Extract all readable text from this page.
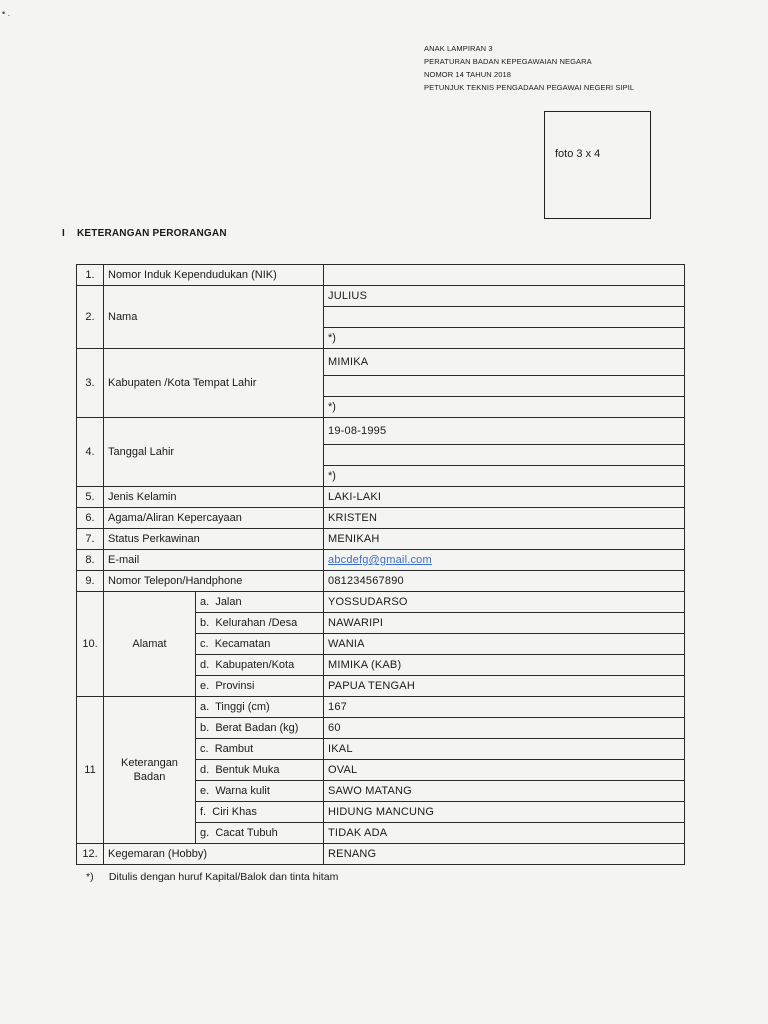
• .
ANAK LAMPIRAN 3
PERATURAN BADAN KEPEGAWAIAN NEGARA
NOMOR 14 TAHUN 2018
PETUNJUK TEKNIS PENGADAAN PEGAWAI NEGERI SIPIL
foto 3 x 4
I KETERANGAN PERORANGAN
1.	Nomor Induk Kependudukan (NIK)		
2.	Nama		JULIUS

			*)
3.	Kabupaten /Kota Tempat Lahir		MIMIKA

			*)
4.	Tanggal Lahir		19-08-1995

			*)
5.	Jenis Kelamin		LAKI-LAKI
6.	Agama/Aliran Kepercayaan		KRISTEN
7.	Status Perkawinan		MENIKAH
8.	E-mail		abcdefg@gmail.com
9.	Nomor Telepon/Handphone		081234567890
10.	Alamat	a. Jalan	YOSSUDARSO
		b. Kelurahan /Desa	NAWARIPI
		c. Kecamatan	WANIA
		d. Kabupaten/Kota	MIMIKA (KAB)
		e. Provinsi	PAPUA TENGAH
11	Keterangan
Badan	a. Tinggi (cm)	167
		b. Berat Badan (kg)	60
		c. Rambut	IKAL
		d. Bentuk Muka	OVAL
		e. Warna kulit	SAWO MATANG
		f. Ciri Khas	HIDUNG MANCUNG
		g. Cacat Tubuh	TIDAK ADA
12.	Kegemaran (Hobby)		RENANG
*) Ditulis dengan huruf Kapital/Balok dan tinta hitam
